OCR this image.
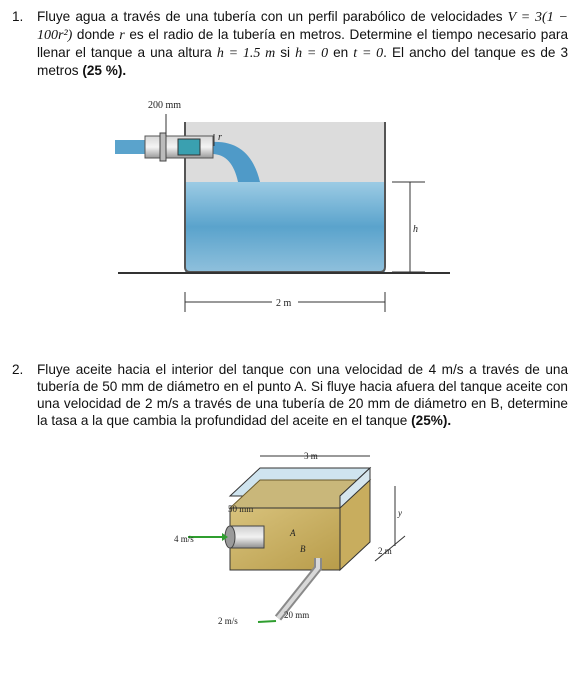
1. Fluye agua a través de una tubería con un perfil parabólico de velocidades V = 3(1 − 100r²) donde r es el radio de la tubería en metros. Determine el tiempo necesario para llenar el tanque a una altura h = 1.5 m si h = 0 en t = 0. El ancho del tanque es de 3 metros (25 %).
200 mm
r
h
2 m
2. Fluye aceite hacia el interior del tanque con una velocidad de 4 m/s a través de una tubería de 50 mm de diámetro en el punto A. Si fluye hacia afuera del tanque aceite con una velocidad de 2 m/s a través de una tubería de 20 mm de diámetro en B, determine la tasa a la que cambia la profundidad del aceite en el tanque (25%).
3 m
y
2 m
50 mm
4 m/s
A
B
2 m/s
20 mm
